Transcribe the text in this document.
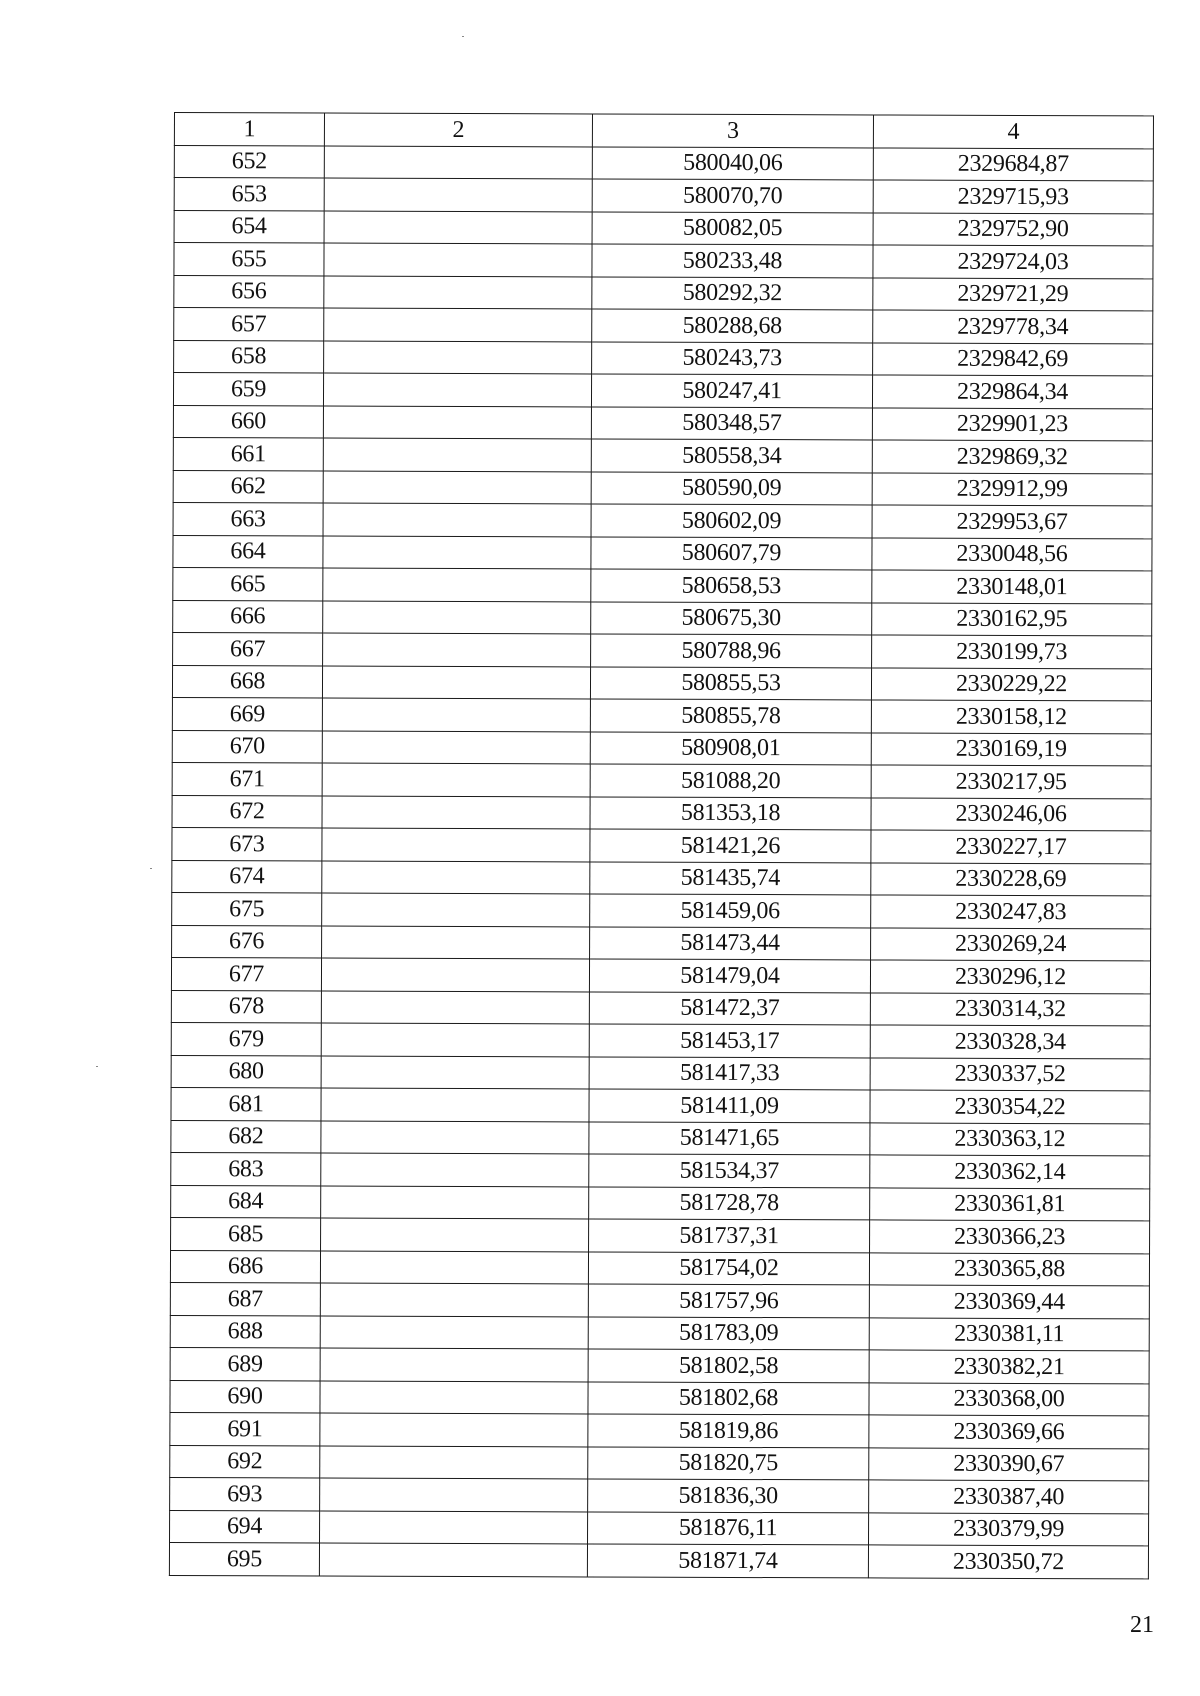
1	2	3	4
652		580040,06	2329684,87
653		580070,70	2329715,93
654		580082,05	2329752,90
655		580233,48	2329724,03
656		580292,32	2329721,29
657		580288,68	2329778,34
658		580243,73	2329842,69
659		580247,41	2329864,34
660		580348,57	2329901,23
661		580558,34	2329869,32
662		580590,09	2329912,99
663		580602,09	2329953,67
664		580607,79	2330048,56
665		580658,53	2330148,01
666		580675,30	2330162,95
667		580788,96	2330199,73
668		580855,53	2330229,22
669		580855,78	2330158,12
670		580908,01	2330169,19
671		581088,20	2330217,95
672		581353,18	2330246,06
673		581421,26	2330227,17
674		581435,74	2330228,69
675		581459,06	2330247,83
676		581473,44	2330269,24
677		581479,04	2330296,12
678		581472,37	2330314,32
679		581453,17	2330328,34
680		581417,33	2330337,52
681		581411,09	2330354,22
682		581471,65	2330363,12
683		581534,37	2330362,14
684		581728,78	2330361,81
685		581737,31	2330366,23
686		581754,02	2330365,88
687		581757,96	2330369,44
688		581783,09	2330381,11
689		581802,58	2330382,21
690		581802,68	2330368,00
691		581819,86	2330369,66
692		581820,75	2330390,67
693		581836,30	2330387,40
694		581876,11	2330379,99
695		581871,74	2330350,72
21
